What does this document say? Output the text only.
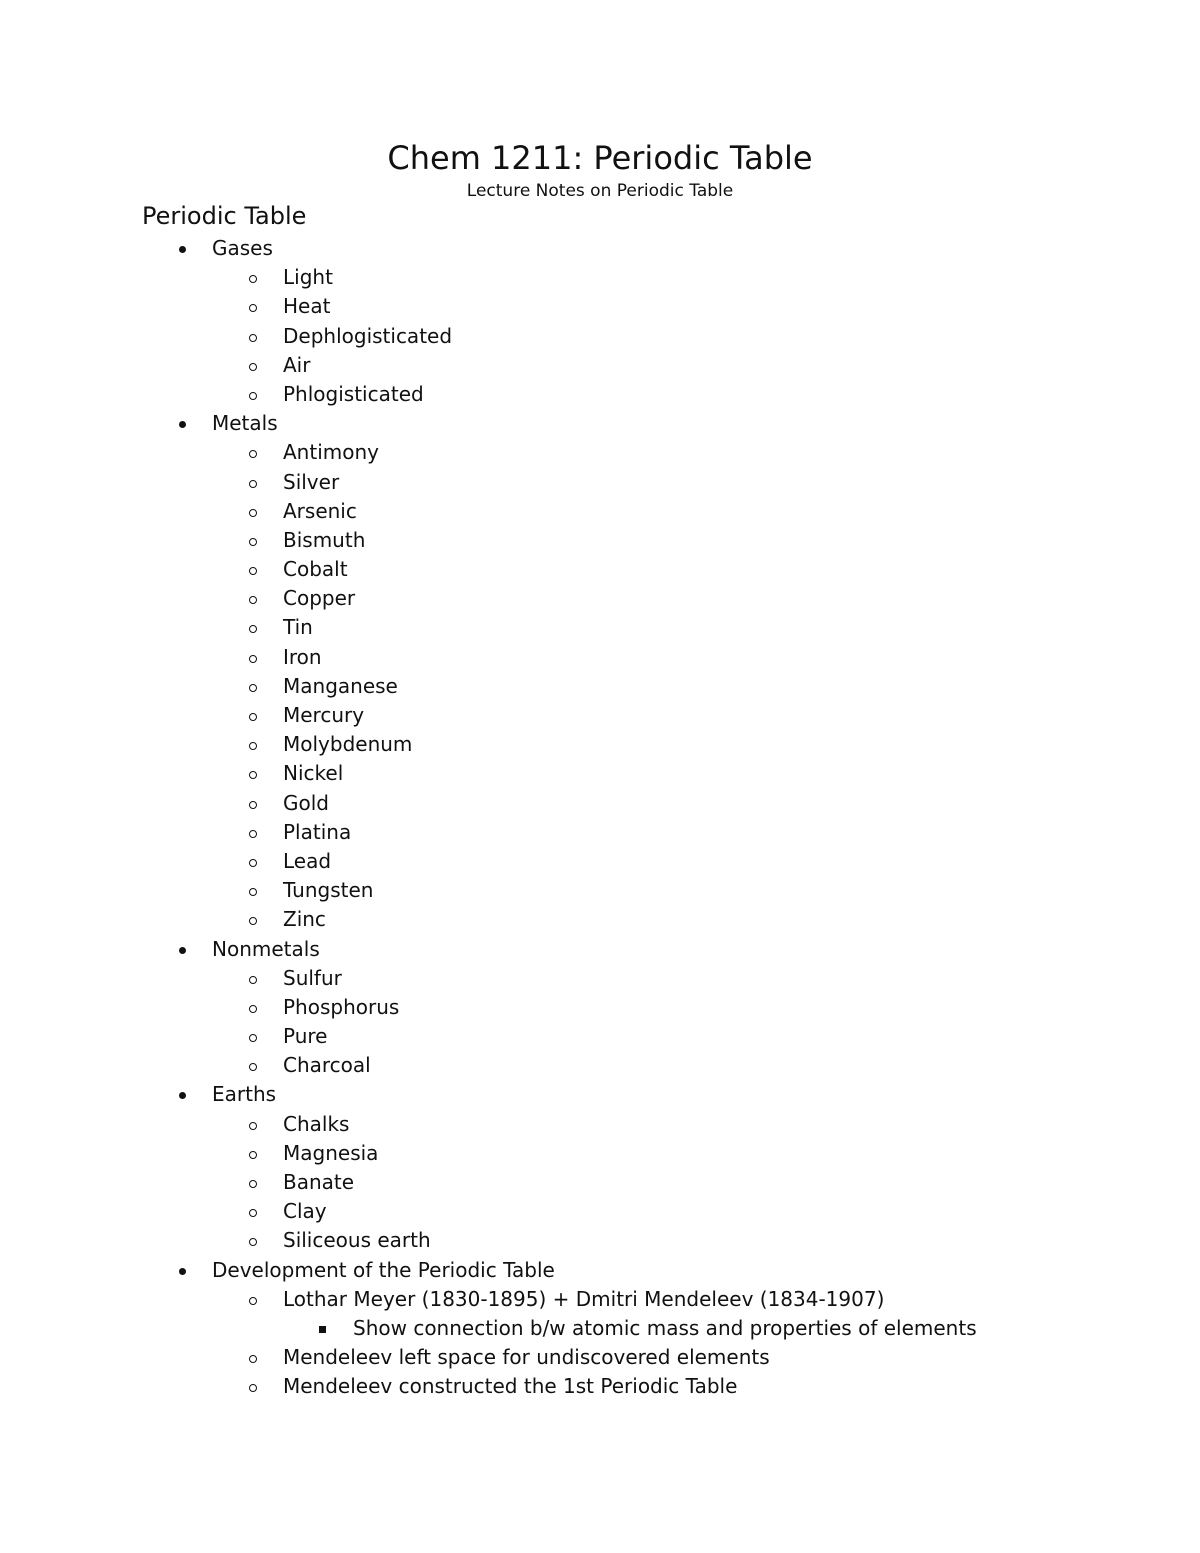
Chem 1211: Periodic Table

Lecture Notes on Periodic Table

Periodic Table
Gases
Light
Heat
Dephlogisticated
Air
Phlogisticated
Metals
Antimony
Silver
Arsenic
Bismuth
Cobalt
Copper
Tin
Iron
Manganese
Mercury
Molybdenum
Nickel
Gold
Platina
Lead
Tungsten
Zinc
Nonmetals
Sulfur
Phosphorus
Pure
Charcoal
Earths
Chalks
Magnesia
Banate
Clay
Siliceous earth
Development of the Periodic Table
Lothar Meyer (1830-1895) + Dmitri Mendeleev (1834-1907)
Show connection b/w atomic mass and properties of elements
Mendeleev left space for undiscovered elements
Mendeleev constructed the 1st Periodic Table
